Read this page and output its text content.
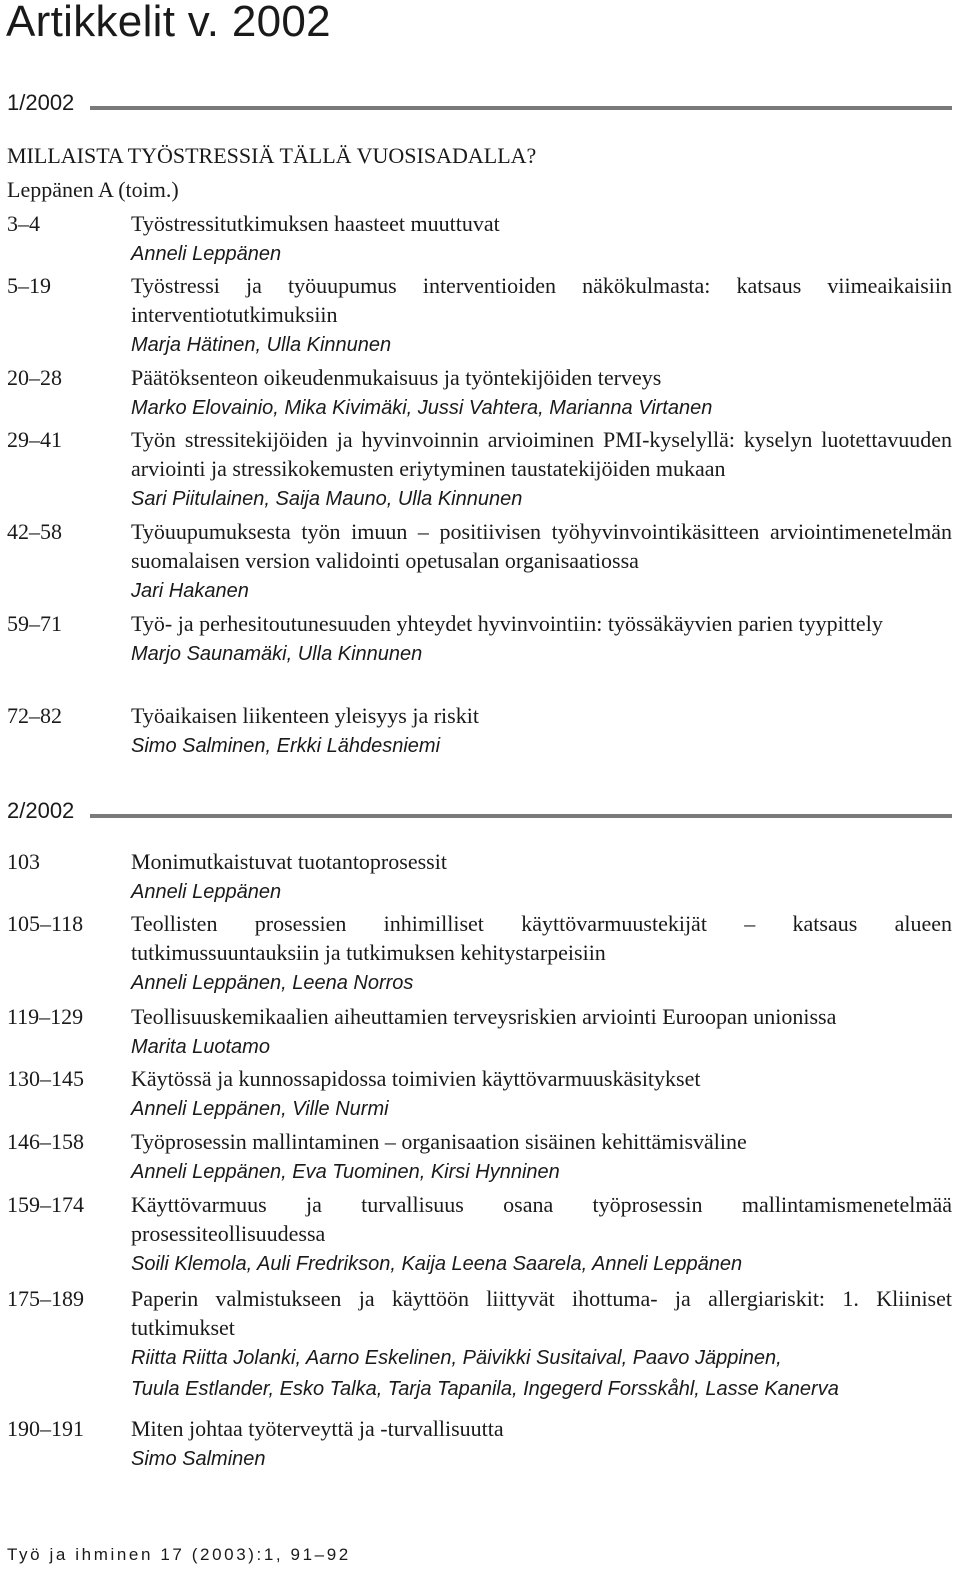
Artikkelit v. 2002
1/2002
MILLAISTA TYÖSTRESSIÄ TÄLLÄ VUOSISADALLA?
Leppänen A (toim.)
3–4	Työstressitutkimuksen haasteet muuttuvat
Anneli Leppänen
5–19	Työstressi ja työuupumus interventioiden näkökulmasta: katsaus viimeaikaisiin interventiotutkimuksiin
Marja Hätinen, Ulla Kinnunen
20–28	Päätöksenteon oikeudenmukaisuus ja työntekijöiden terveys
Marko Elovainio, Mika Kivimäki, Jussi Vahtera, Marianna Virtanen
29–41	Työn stressitekijöiden ja hyvinvoinnin arvioiminen PMI-kyselyllä: kyselyn luotettavuuden arviointi ja stressikokemusten eriytyminen taustatekijöiden mukaan
Sari Piitulainen, Saija Mauno, Ulla Kinnunen
42–58	Työuupumuksesta työn imuun – positiivisen työhyvinvointikäsitteen arviointimenetelmän suomalaisen version validointi opetusalan organisaatiossa
Jari Hakanen
59–71	Työ- ja perhesitoutunesuuden yhteydet hyvinvointiin: työssäkäyvien parien tyypittely
Marjo Saunamäki, Ulla Kinnunen
72–82	Työaikaisen liikenteen yleisyys ja riskit
Simo Salminen, Erkki Lähdesniemi
2/2002
103	Monimutkaistuvat tuotantoprosessit
Anneli Leppänen
105–118	Teollisten prosessien inhimilliset käyttövarmuustekijät – katsaus alueen tutkimussuuntauksiin ja tutkimuksen kehitystarpeisiin
Anneli Leppänen, Leena Norros
119–129	Teollisuuskemikaalien aiheuttamien terveysriskien arviointi Euroopan unionissa
Marita Luotamo
130–145	Käytössä ja kunnossapidossa toimivien käyttövarmuuskäsitykset
Anneli Leppänen, Ville Nurmi
146–158	Työprosessin mallintaminen – organisaation sisäinen kehittämisväline
Anneli Leppänen, Eva Tuominen, Kirsi Hynninen
159–174	Käyttövarmuus ja turvallisuus osana työprosessin mallintamismenetelmää prosessiteollisuudessa
Soili Klemola, Auli Fredrikson, Kaija Leena Saarela, Anneli Leppänen
175–189	Paperin valmistukseen ja käyttöön liittyvät ihottuma- ja allergiariskit: 1. Kliiniset tutkimukset
Riitta Riitta Jolanki, Aarno Eskelinen, Päivikki Susitaival, Paavo Jäppinen,
Tuula Estlander, Esko Talka, Tarja Tapanila, Ingegerd Forsskåhl, Lasse Kanerva
190–191	Miten johtaa työterveyttä ja -turvallisuutta
Simo Salminen
Työ ja ihminen 17 (2003):1, 91–92
